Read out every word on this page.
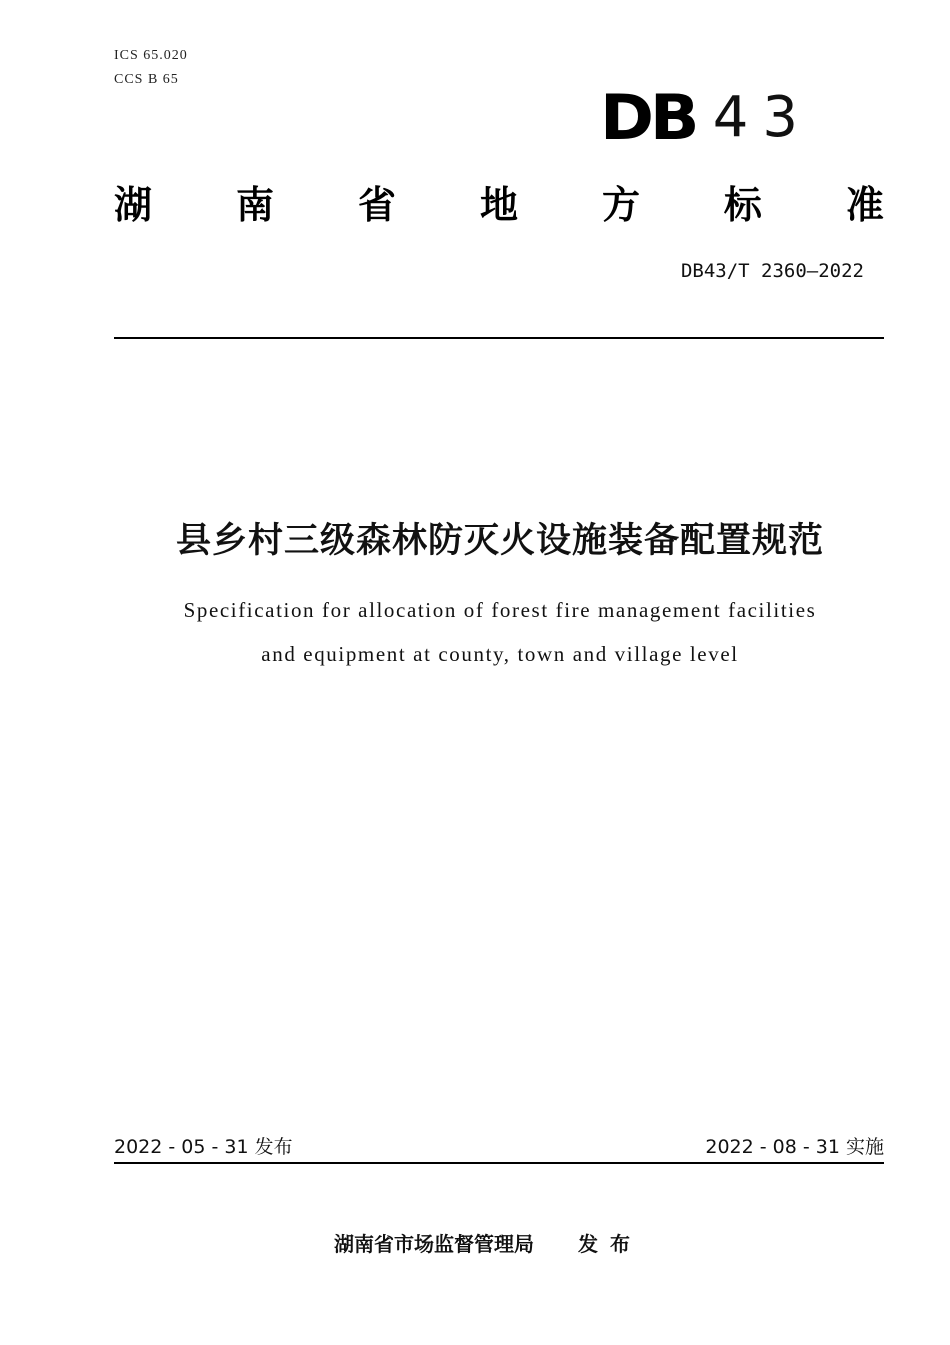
ICS 65.020
CCS B 65
DB 43
湖 南 省 地 方 标 准
DB43/T 2360—2022
县乡村三级森林防灭火设施装备配置规范
Specification for allocation of forest fire management facilities
and equipment at county, town and village level
2022 - 05 - 31 发布	2022 - 08 - 31 实施
湖南省市场监督管理局 发布
